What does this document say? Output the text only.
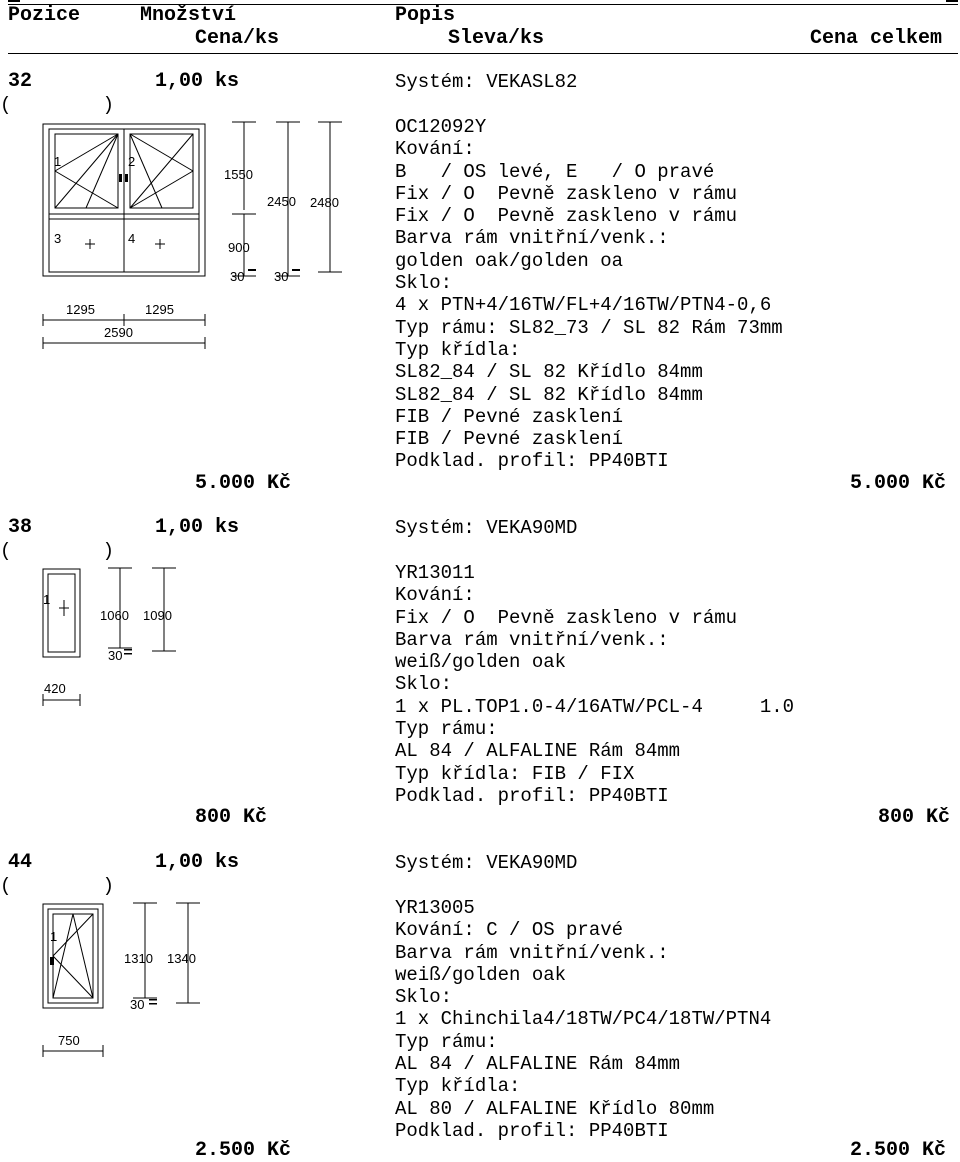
Pozice	Množství	Popis
Cena/ks	Sleva/ks	Cena celkem
32	1,00 ks
(        )
Systém: VEKASL82
OC12092Y
Kování:
B   / OS levé, E   / O pravé
Fix / O  Pevně zaskleno v rámu
Fix / O  Pevně zaskleno v rámu
Barva rám vnitřní/venk.:
golden oak/golden oa
Sklo:
4 x PTN+4/16TW/FL+4/16TW/PTN4-0,6
Typ rámu: SL82_73 / SL 82 Rám 73mm
Typ křídla:
SL82_84 / SL 82 Křídlo 84mm
SL82_84 / SL 82 Křídlo 84mm
FIB / Pevné zasklení
FIB / Pevné zasklení
Podklad. profil: PP40BTI
5.000 Kč	5.000 Kč
1	2
3	4
1550
900
2450 2480
30 30
1295	1295
2590
38	1,00 ks
(        )
Systém: VEKA90MD
YR13011
Kování:
Fix / O  Pevně zaskleno v rámu
Barva rám vnitřní/venk.:
weiß/golden oak
Sklo:
1 x PL.TOP1.0-4/16ATW/PCL-4     1.0
Typ rámu:
AL 84 / ALFALINE Rám 84mm
Typ křídla: FIB / FIX
Podklad. profil: PP40BTI
800 Kč	800 Kč
1
1060 1090
30
420
44	1,00 ks
(        )
Systém: VEKA90MD
YR13005
Kování: C / OS pravé
Barva rám vnitřní/venk.:
weiß/golden oak
Sklo:
1 x Chinchila4/18TW/PC4/18TW/PTN4
Typ rámu:
AL 84 / ALFALINE Rám 84mm
Typ křídla:
AL 80 / ALFALINE Křídlo 80mm
Podklad. profil: PP40BTI
2.500 Kč	2.500 Kč
1
1310 1340
30
750
